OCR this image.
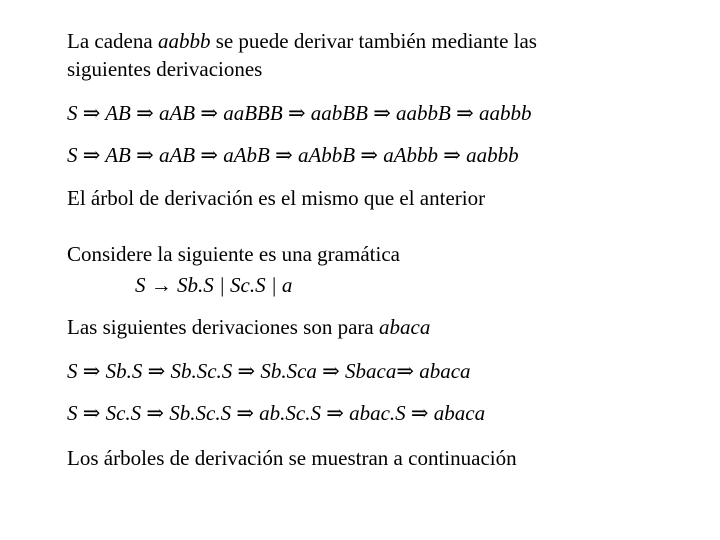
La cadena aabbb se puede derivar también mediante las
siguientes derivaciones
S ⇒ AB ⇒ aAB ⇒ aaBBB ⇒ aabBB ⇒ aabbB ⇒ aabbb
S ⇒ AB ⇒ aAB ⇒ aAbB ⇒ aAbbB ⇒ aAbbb ⇒ aabbb
El árbol de derivación es el mismo que el anterior
Considere la siguiente es una gramática
S → Sb.S | Sc.S | a
Las siguientes derivaciones son para abaca
S ⇒ Sb.S ⇒ Sb.Sc.S ⇒ Sb.Sca ⇒ Sbaca⇒ abaca
S ⇒ Sc.S ⇒ Sb.Sc.S ⇒ ab.Sc.S ⇒ abac.S ⇒ abaca
Los árboles de derivación se muestran a continuación
